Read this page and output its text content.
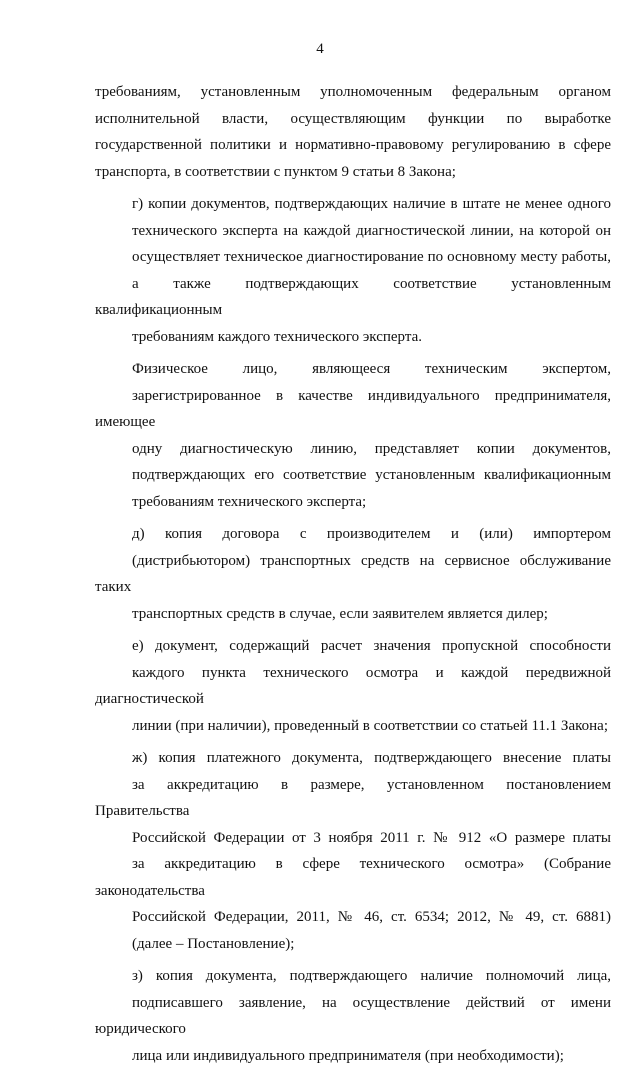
4
требованиям, установленным уполномоченным федеральным органом
исполнительной власти, осуществляющим функции по выработке
государственной политики и нормативно-правовому регулированию в сфере
транспорта, в соответствии с пунктом 9 статьи 8 Закона;
г) копии документов, подтверждающих наличие в штате не менее одного
технического эксперта на каждой диагностической линии, на которой он
осуществляет техническое диагностирование по основному месту работы,
а также подтверждающих соответствие установленным квалификационным
требованиям каждого технического эксперта.
Физическое лицо, являющееся техническим экспертом,
зарегистрированное в качестве индивидуального предпринимателя, имеющее
одну диагностическую линию, представляет копии документов,
подтверждающих его соответствие установленным квалификационным
требованиям технического эксперта;
д) копия договора с производителем и (или) импортером
(дистрибьютором) транспортных средств на сервисное обслуживание таких
транспортных средств в случае, если заявителем является дилер;
е) документ, содержащий расчет значения пропускной способности
каждого пункта технического осмотра и каждой передвижной диагностической
линии (при наличии), проведенный в соответствии со статьей 11.1 Закона;
ж) копия платежного документа, подтверждающего внесение платы
за аккредитацию в размере, установленном постановлением Правительства
Российской Федерации от 3 ноября 2011 г. № 912 «О размере платы
за аккредитацию в сфере технического осмотра» (Собрание законодательства
Российской Федерации, 2011, № 46, ст. 6534; 2012, № 49, ст. 6881)
(далее – Постановление);
з) копия документа, подтверждающего наличие полномочий лица,
подписавшего заявление, на осуществление действий от имени юридического
лица или индивидуального предпринимателя (при необходимости);
